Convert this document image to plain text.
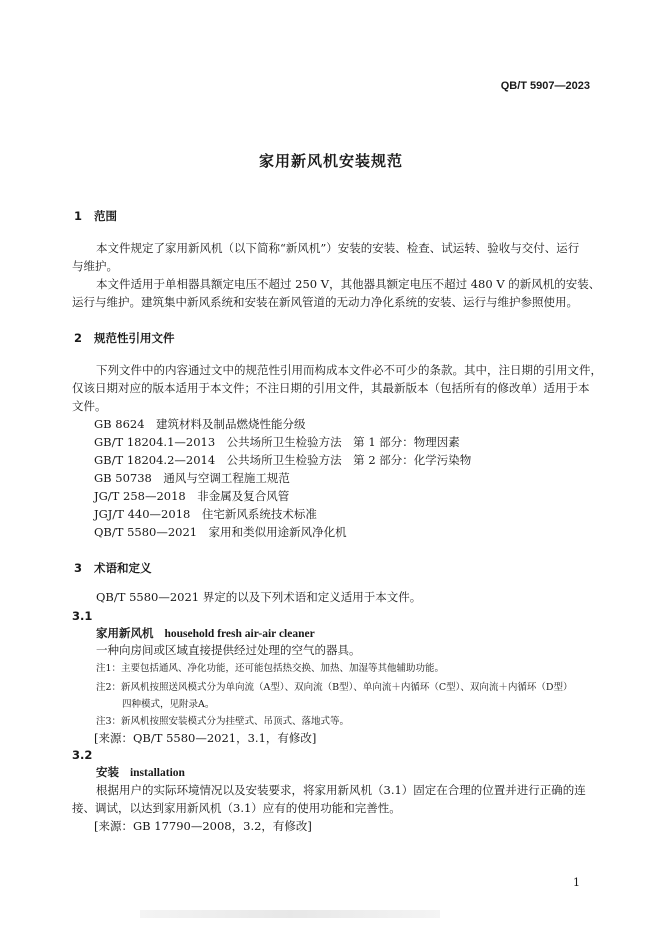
QB/T 5907—2023
家用新风机安装规范
1 范围
本文件规定了家用新风机（以下简称“新风机”）安装的安装、检查、试运转、验收与交付、运行
与维护。
本文件适用于单相器具额定电压不超过 250 V，其他器具额定电压不超过 480 V 的新风机的安装、
运行与维护。建筑集中新风系统和安装在新风管道的无动力净化系统的安装、运行与维护参照使用。
2 规范性引用文件
下列文件中的内容通过文中的规范性引用而构成本文件必不可少的条款。其中，注日期的引用文件，
仅该日期对应的版本适用于本文件；不注日期的引用文件，其最新版本（包括所有的修改单）适用于本
文件。
GB 8624　建筑材料及制品燃烧性能分级
GB/T 18204.1—2013　公共场所卫生检验方法　第 1 部分：物理因素
GB/T 18204.2—2014　公共场所卫生检验方法　第 2 部分：化学污染物
GB 50738　通风与空调工程施工规范
JG/T 258—2018　非金属及复合风管
JGJ/T 440—2018　住宅新风系统技术标准
QB/T 5580—2021　家用和类似用途新风净化机
3 术语和定义
QB/T 5580—2021 界定的以及下列术语和定义适用于本文件。
3.1
家用新风机 household fresh air-air cleaner
一种向房间或区域直接提供经过处理的空气的器具。
注1：主要包括通风、净化功能，还可能包括热交换、加热、加湿等其他辅助功能。
注2：新风机按照送风模式分为单向流（A型）、双向流（B型）、单向流＋内循环（C型）、双向流＋内循环（D型）
四种模式，见附录A。
注3：新风机按照安装模式分为挂壁式、吊顶式、落地式等。
[来源：QB/T 5580—2021，3.1，有修改]
3.2
安装 installation
根据用户的实际环境情况以及安装要求，将家用新风机（3.1）固定在合理的位置并进行正确的连
接、调试，以达到家用新风机（3.1）应有的使用功能和完善性。
[来源：GB 17790—2008，3.2，有修改]
1
